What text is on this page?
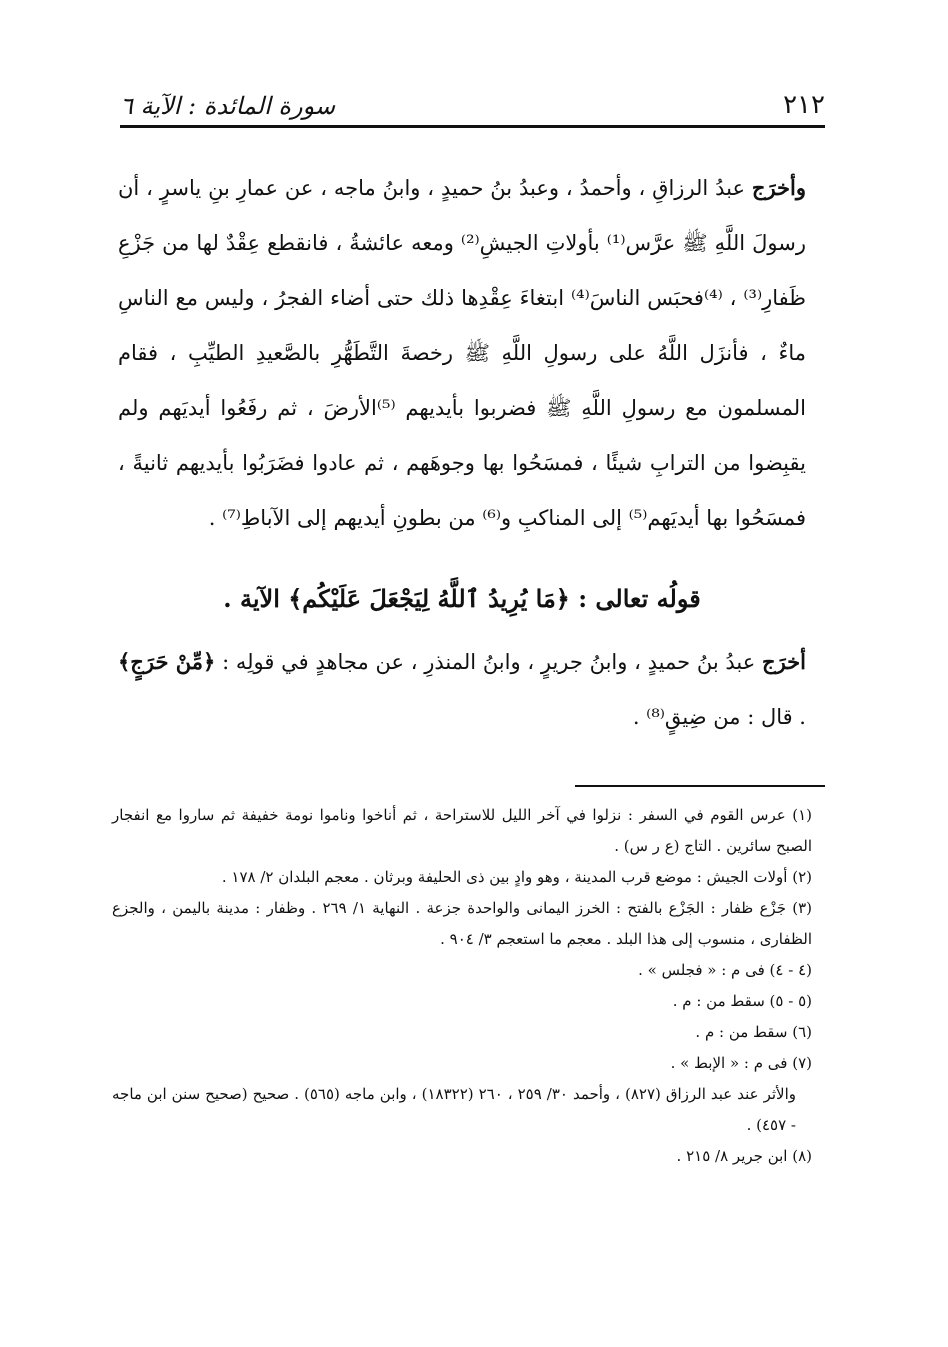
٢١٢
سورة المائدة : الآية ٦

وأخرَج عبدُ الرزاقِ ، وأحمدُ ، وعبدُ بنُ حميدٍ ، وابنُ ماجه ، عن عمارِ بنِ ياسرٍ ، أن رسولَ اللَّهِ ﷺ عرَّس⁽¹⁾ بأولاتِ الجيشِ⁽²⁾ ومعه عائشةُ ، فانقطع عِقْدٌ لها من جَزْعِ ظَفارِ⁽³⁾ ، ⁽⁴⁾فحبَس الناسَ⁽⁴⁾ ابتغاءَ عِقْدِها ذلك حتى أضاء الفجرُ ، وليس مع الناسِ ماءٌ ، فأنزَل اللَّهُ على رسولِ اللَّهِ ﷺ رخصةَ التَّطَهُّرِ بالصَّعيدِ الطيِّبِ ، فقام المسلمون مع رسولِ اللَّهِ ﷺ فضربوا بأيديهم ⁽⁵⁾الأرضَ ، ثم رفَعُوا أيديَهم ولم يقبِضوا من الترابِ شيئًا ، فمسَحُوا بها وجوهَهم ، ثم عادوا فضَرَبُوا بأيديهم ثانيةً ، فمسَحُوا بها أيديَهم⁽⁵⁾ إلى المناكبِ و⁽⁶⁾ من بطونِ أيديهم إلى الآباطِ⁽⁷⁾ .

قولُه تعالى : ﴿مَا يُرِيدُ ٱللَّهُ لِيَجْعَلَ عَلَيْكُم﴾ الآية .

أخرَج عبدُ بنُ حميدٍ ، وابنُ جريرٍ ، وابنُ المنذرِ ، عن مجاهدٍ في قولِه : ﴿مِّنْ حَرَجٍ﴾ . قال : من ضِيقٍ⁽⁸⁾ .

(١) عرس القوم في السفر : نزلوا في آخر الليل للاستراحة ، ثم أناخوا وناموا نومة خفيفة ثم ساروا مع انفجار الصبح سائرين . التاج (ع ر س) .

(٢) أولات الجيش : موضع قرب المدينة ، وهو وادٍ بين ذى الحليفة وبرثان . معجم البلدان ٢/ ١٧٨ .

(٣) جَزْع ظفار : الجَزْع بالفتح : الخرز اليمانى والواحدة جزعة . النهاية ١/ ٢٦٩ . وظفار : مدينة باليمن ، والجزع الظفارى ، منسوب إلى هذا البلد . معجم ما استعجم ٣/ ٩٠٤ .

(٤ - ٤) فى م : « فجلس » .

(٥ - ٥) سقط من : م .

(٦) سقط من : م .

(٧) فى م : « الإبط » .

والأثر عند عبد الرزاق (٨٢٧) ، وأحمد ٣٠/ ٢٥٩ ، ٢٦٠ (١٨٣٢٢) ، وابن ماجه (٥٦٥) . صحيح (صحيح سنن ابن ماجه - ٤٥٧) .

(٨) ابن جرير ٨/ ٢١٥ .
